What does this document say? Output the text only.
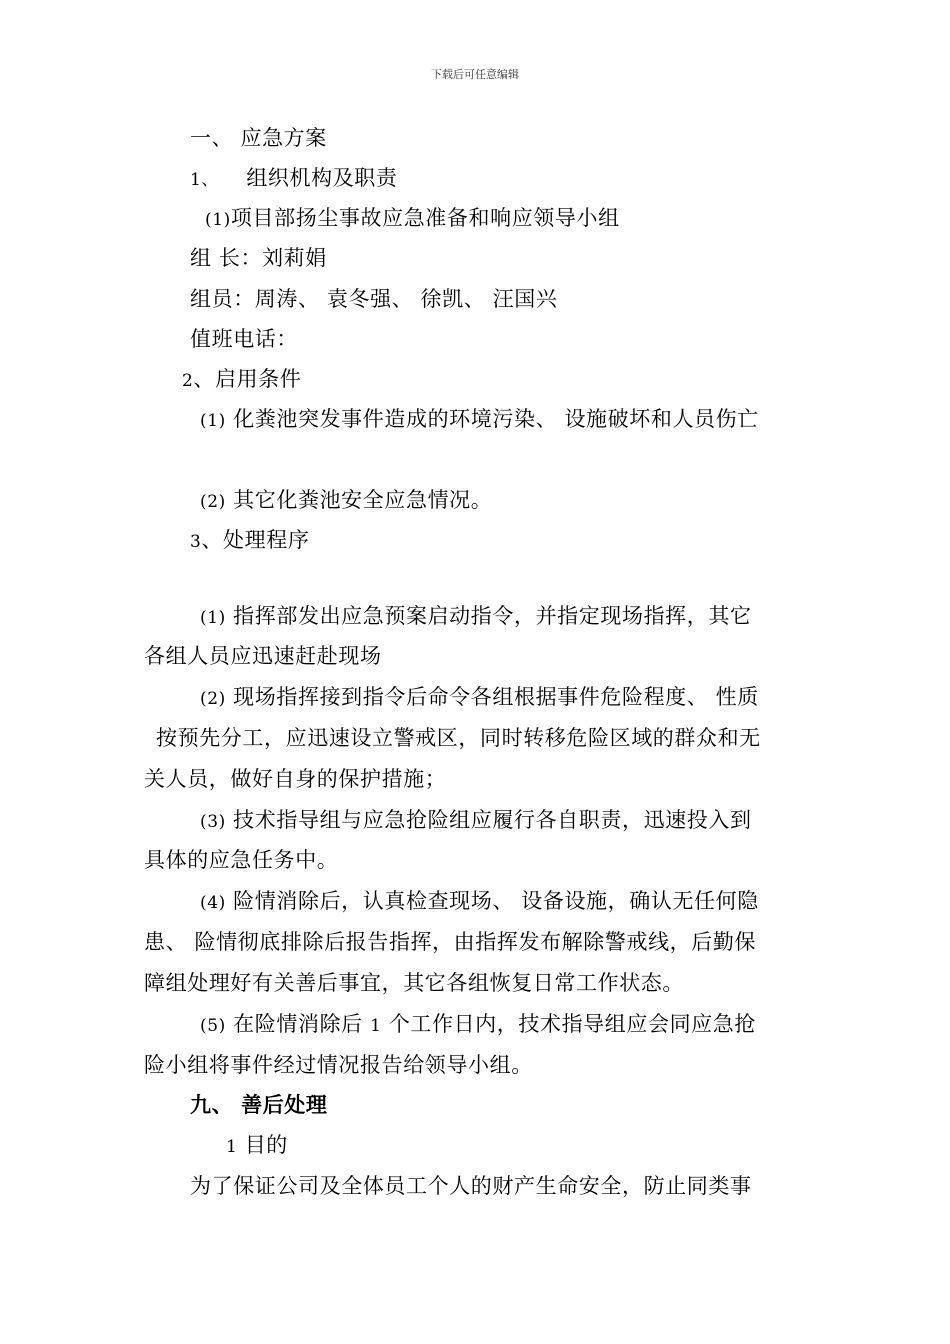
下载后可任意编辑
一、 应急方案
1、 组织机构及职责
(1)项目部扬尘事故应急准备和响应领导小组
组 长：刘莉娟
组员：周涛、 袁冬强、 徐凯、 汪国兴
值班电话：
2、启用条件
(1) 化粪池突发事件造成的环境污染、 设施破坏和人员伤亡
(2) 其它化粪池安全应急情况。
3、处理程序
(1) 指挥部发出应急预案启动指令，并指定现场指挥，其它
各组人员应迅速赶赴现场
(2) 现场指挥接到指令后命令各组根据事件危险程度、 性质
按预先分工，应迅速设立警戒区，同时转移危险区域的群众和无
关人员，做好自身的保护措施；
(3) 技术指导组与应急抢险组应履行各自职责，迅速投入到
具体的应急任务中。
(4) 险情消除后，认真检查现场、 设备设施，确认无任何隐
患、 险情彻底排除后报告指挥，由指挥发布解除警戒线，后勤保
障组处理好有关善后事宜，其它各组恢复日常工作状态。
(5) 在险情消除后 1 个工作日内，技术指导组应会同应急抢
险小组将事件经过情况报告给领导小组。
九、 善后处理
1 目的
为了保证公司及全体员工个人的财产生命安全，防止同类事
